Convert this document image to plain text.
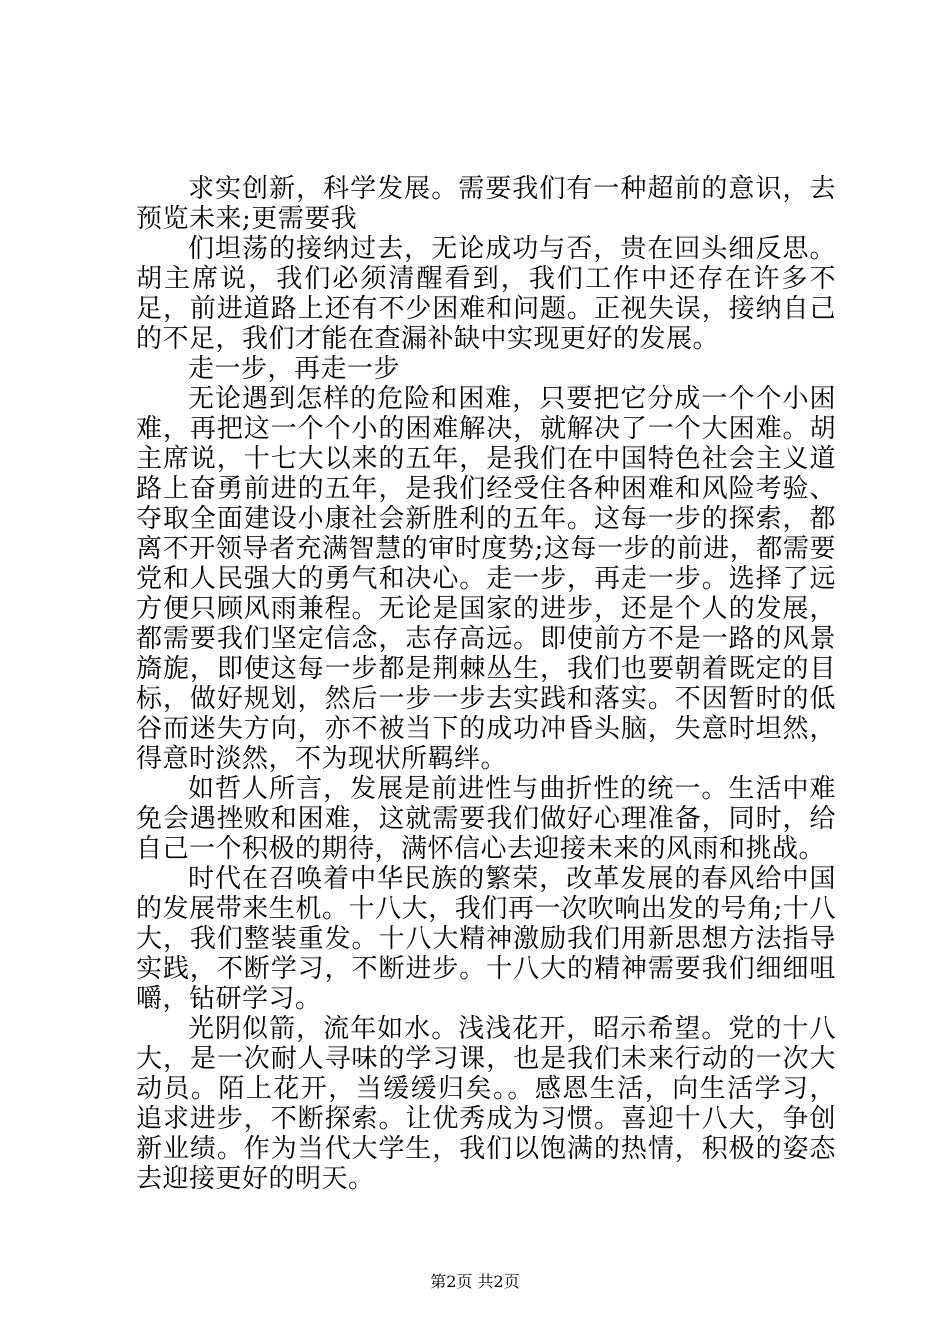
求实创新，科学发展。需要我们有一种超前的意识，去预览未来;更需要我

们坦荡的接纳过去，无论成功与否，贵在回头细反思。胡主席说，我们必须清醒看到，我们工作中还存在许多不足，前进道路上还有不少困难和问题。正视失误，接纳自己的不足，我们才能在查漏补缺中实现更好的发展。

走一步，再走一步

无论遇到怎样的危险和困难，只要把它分成一个个小困难，再把这一个个小的困难解决，就解决了一个大困难。胡主席说，十七大以来的五年，是我们在中国特色社会主义道路上奋勇前进的五年，是我们经受住各种困难和风险考验、夺取全面建设小康社会新胜利的五年。这每一步的探索，都离不开领导者充满智慧的审时度势;这每一步的前进，都需要党和人民强大的勇气和决心。走一步，再走一步。选择了远方便只顾风雨兼程。无论是国家的进步，还是个人的发展，都需要我们坚定信念，志存高远。即使前方不是一路的风景旖旎，即使这每一步都是荆棘丛生，我们也要朝着既定的目标，做好规划，然后一步一步去实践和落实。不因暂时的低谷而迷失方向，亦不被当下的成功冲昏头脑，失意时坦然，得意时淡然，不为现状所羁绊。

如哲人所言，发展是前进性与曲折性的统一。生活中难免会遇挫败和困难，这就需要我们做好心理准备，同时，给自己一个积极的期待，满怀信心去迎接未来的风雨和挑战。

时代在召唤着中华民族的繁荣，改革发展的春风给中国的发展带来生机。十八大，我们再一次吹响出发的号角;十八大，我们整装重发。十八大精神激励我们用新思想方法指导实践，不断学习，不断进步。十八大的精神需要我们细细咀嚼，钻研学习。

光阴似箭，流年如水。浅浅花开，昭示希望。党的十八大，是一次耐人寻味的学习课，也是我们未来行动的一次大动员。陌上花开，当缓缓归矣。。感恩生活，向生活学习，追求进步，不断探索。让优秀成为习惯。喜迎十八大，争创新业绩。作为当代大学生，我们以饱满的热情，积极的姿态去迎接更好的明天。

第2页 共2页
